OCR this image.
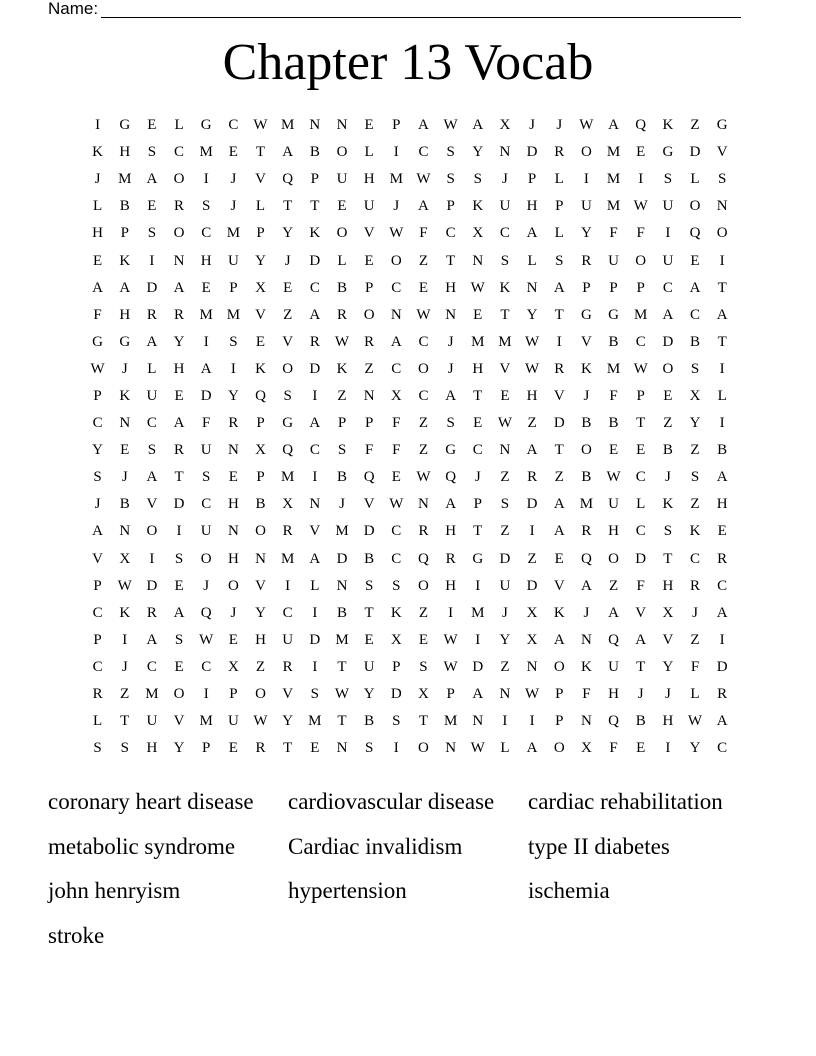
Name:
Chapter 13 Vocab
I	G	E	L	G	C	W M	N	N	E	P	A W A	X	J	J	W A	Q	K	Z	G
K	H	S	C	M	E	T	A	B	O	L	I	C	S	Y	N	D	R	O	M	E	G	D	V
J	M	A	O	I	J	V	Q	P	U	H	M W	S	S	J	P	L	I	M	I	S	L	S
L	B	E	R	S	J	L	T	T	E	U	J	A	P	K	U	H	P	U	M W U	O	N
H	P	S	O	C	M	P	Y	K	O	V W	F	C	X	C	A	L	Y	F	F	I	Q	O
E	K	I	N	H	U	Y	J	D	L	E	O	Z	T	N	S	L	S	R	U	O	U	E	I
A	A	D	A	E	P	X	E	C	B	P	C	E	H W K	N	A	P	P	P	C	A	T
F	H	R	R	M M	V	Z	A	R	O	N W N	E	T	Y	T	G	G	M	A	C	A
G	G	A	Y	I	S	E	V	R	W	R	A	C	J	M M W	I	V	B	C	D	B	T
W	J	L	H	A	I	K	O	D	K	Z	C	O	J	H	V W	R	K	M W O	S	I
P	K	U	E	D	Y	Q	S	I	Z	N	X	C	A	T	E	H	V	J	F	P	E	X	L
C	N	C	A	F	R	P	G	A	P	P	F	Z	S	E	W	Z	D	B	B	T	Z	Y	I
Y	E	S	R	U	N	X	Q	C	S	F	F	Z	G	C	N	A	T	O	E	E	B	Z	B
S	J	A	T	S	E	P	M	I	B	Q	E	W Q	J	Z	R	Z	B	W	C	J	S	A
J	B	V	D	C	H	B	X	N	J	V W N	A	P	S	D	A	M	U	L	K	Z	H
A	N	O	I	U	N	O	R	V	M	D	C	R	H	T	Z	I	A	R	H	C	S	K	E
V	X	I	S	O	H	N	M	A	D	B	C	Q	R	G	D	Z	E	Q	O	D	T	C	R
P	W D	E	J	O	V	I	L	N	S	S	O	H	I	U	D	V	A	Z	F	H	R	C
C	K	R	A	Q	J	Y	C	I	B	T	K	Z	I	M	J	X	K	J	A	V	X	J	A
P	I	A	S	W	E	H	U	D	M	E	X	E	W	I	Y	X	A	N	Q	A	V	Z	I
C	J	C	E	C	X	Z	R	I	T	U	P	S	W D	Z	N	O	K	U	T	Y	F	D
R	Z	M	O	I	P	O	V	S	W Y	D	X	P	A	N W	P	F	H	J	J	L	R
L	T	U	V	M	U W Y	M	T	B	S	T	M	N	I	I	P	N	Q	B	H W A
S	S	H	Y	P	E	R	T	E	N	S	I	O	N W	L	A	O	X	F	E	I	Y	C
coronary heart disease	cardiovascular disease	cardiac rehabilitation
metabolic syndrome	Cardiac invalidism	type II diabetes
john henryism	hypertension	ischemia
stroke
